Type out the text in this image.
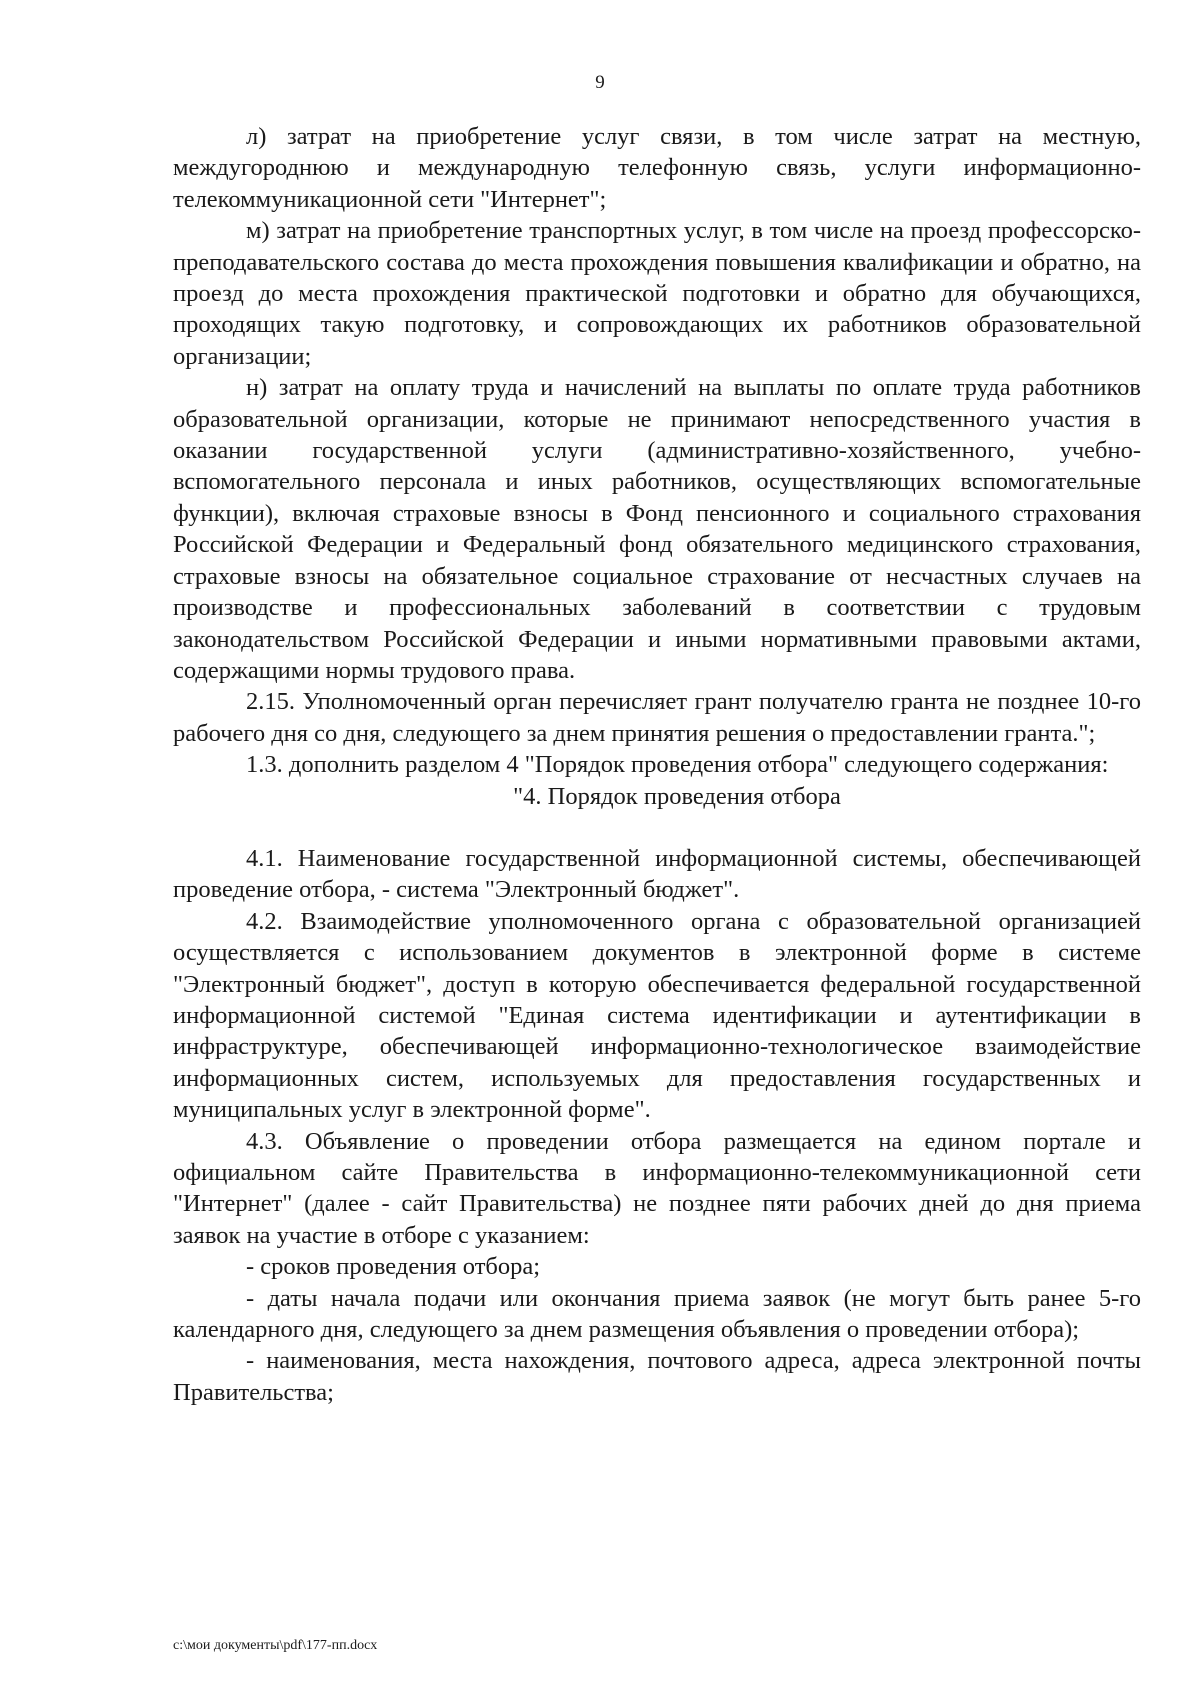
9

л) затрат на приобретение услуг связи, в том числе затрат на местную, междугороднюю и международную телефонную связь, услуги информационно-телекоммуникационной сети "Интернет";

м) затрат на приобретение транспортных услуг, в том числе на проезд профессорско-преподавательского состава до места прохождения повышения квалификации и обратно, на проезд до места прохождения практической подготовки и обратно для обучающихся, проходящих такую подготовку, и сопровождающих их работников образовательной организации;

н) затрат на оплату труда и начислений на выплаты по оплате труда работников образовательной организации, которые не принимают непосредственного участия в оказании государственной услуги (административно-хозяйственного, учебно-вспомогательного персонала и иных работников, осуществляющих вспомогательные функции), включая страховые взносы в Фонд пенсионного и социального страхования Российской Федерации и Федеральный фонд обязательного медицинского страхования, страховые взносы на обязательное социальное страхование от несчастных случаев на производстве и профессиональных заболеваний в соответствии с трудовым законодательством Российской Федерации и иными нормативными правовыми актами, содержащими нормы трудового права.

2.15. Уполномоченный орган перечисляет грант получателю гранта не позднее 10-го рабочего дня со дня, следующего за днем принятия решения о предоставлении гранта.";

1.3. дополнить разделом 4 "Порядок проведения отбора" следующего содержания:

"4. Порядок проведения отбора

4.1. Наименование государственной информационной системы, обеспечивающей проведение отбора, - система "Электронный бюджет".

4.2. Взаимодействие уполномоченного органа с образовательной организацией осуществляется с использованием документов в электронной форме в системе "Электронный бюджет", доступ в которую обеспечивается федеральной государственной информационной системой "Единая система идентификации и аутентификации в инфраструктуре, обеспечивающей информационно-технологическое взаимодействие информационных систем, используемых для предоставления государственных и муниципальных услуг в электронной форме".

4.3. Объявление о проведении отбора размещается на едином портале и официальном сайте Правительства в информационно-телекоммуникационной сети "Интернет" (далее - сайт Правительства) не позднее пяти рабочих дней до дня приема заявок на участие в отборе с указанием:

- сроков проведения отбора;

- даты начала подачи или окончания приема заявок (не могут быть ранее 5-го календарного дня, следующего за днем размещения объявления о проведении отбора);

- наименования, места нахождения, почтового адреса, адреса электронной почты Правительства;

c:\мои документы\pdf\177-пп.docx
